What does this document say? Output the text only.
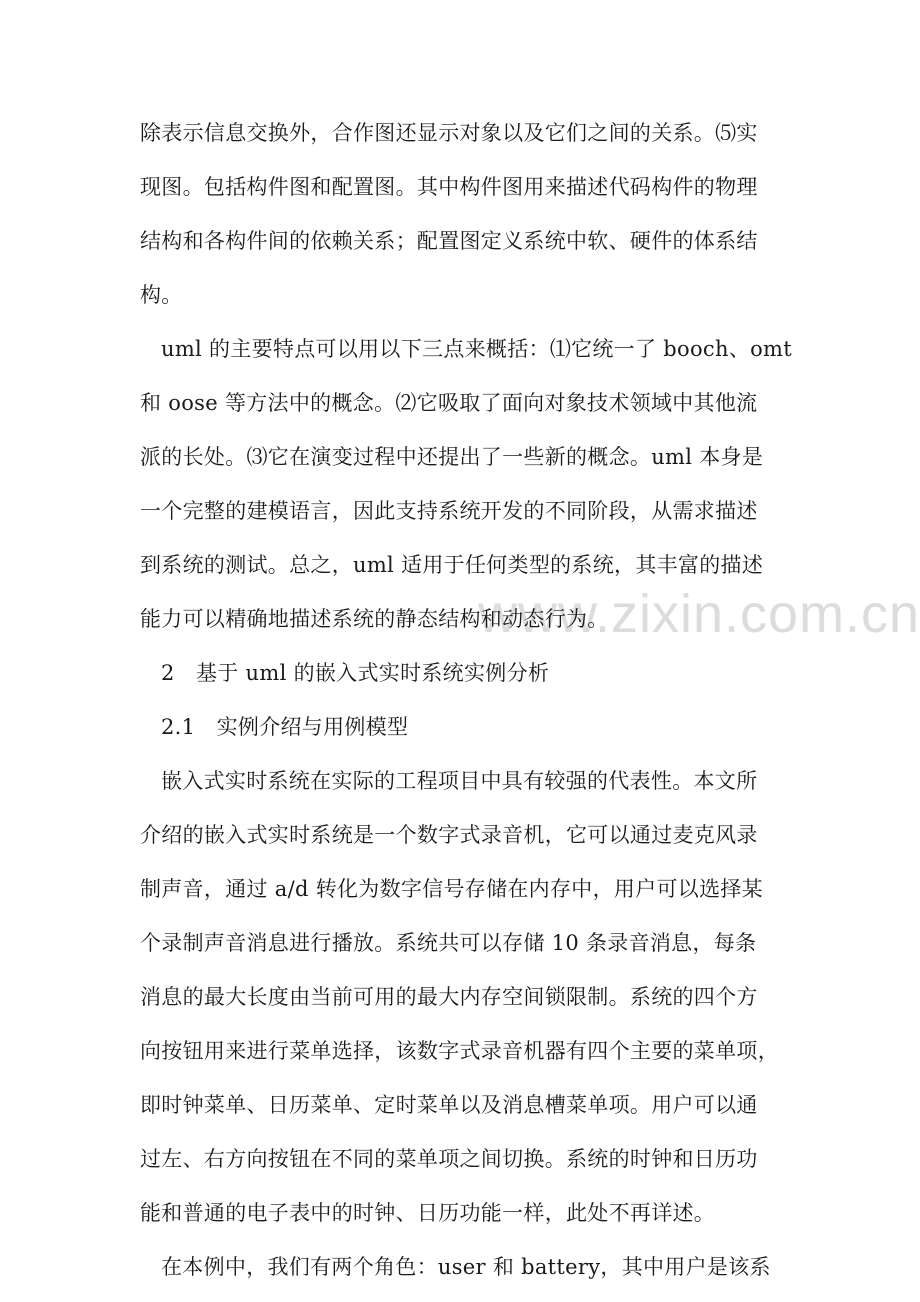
www.zixin.com.cn
除表示信息交换外，合作图还显示对象以及它们之间的关系。⑸实
现图。包括构件图和配置图。其中构件图用来描述代码构件的物理
结构和各构件间的依赖关系；配置图定义系统中软、硬件的体系结
构。
uml 的主要特点可以用以下三点来概括：⑴它统一了 booch、omt
和 oose 等方法中的概念。⑵它吸取了面向对象技术领域中其他流
派的长处。⑶它在演变过程中还提出了一些新的概念。uml 本身是
一个完整的建模语言，因此支持系统开发的不同阶段，从需求描述
到系统的测试。总之，uml 适用于任何类型的系统，其丰富的描述
能力可以精确地描述系统的静态结构和动态行为。
2　基于 uml 的嵌入式实时系统实例分析
2.1　实例介绍与用例模型
嵌入式实时系统在实际的工程项目中具有较强的代表性。本文所
介绍的嵌入式实时系统是一个数字式录音机，它可以通过麦克风录
制声音，通过 a/d 转化为数字信号存储在内存中，用户可以选择某
个录制声音消息进行播放。系统共可以存储 10 条录音消息，每条
消息的最大长度由当前可用的最大内存空间锁限制。系统的四个方
向按钮用来进行菜单选择，该数字式录音机器有四个主要的菜单项，
即时钟菜单、日历菜单、定时菜单以及消息槽菜单项。用户可以通
过左、右方向按钮在不同的菜单项之间切换。系统的时钟和日历功
能和普通的电子表中的时钟、日历功能一样，此处不再详述。
在本例中，我们有两个角色：user 和 battery，其中用户是该系
